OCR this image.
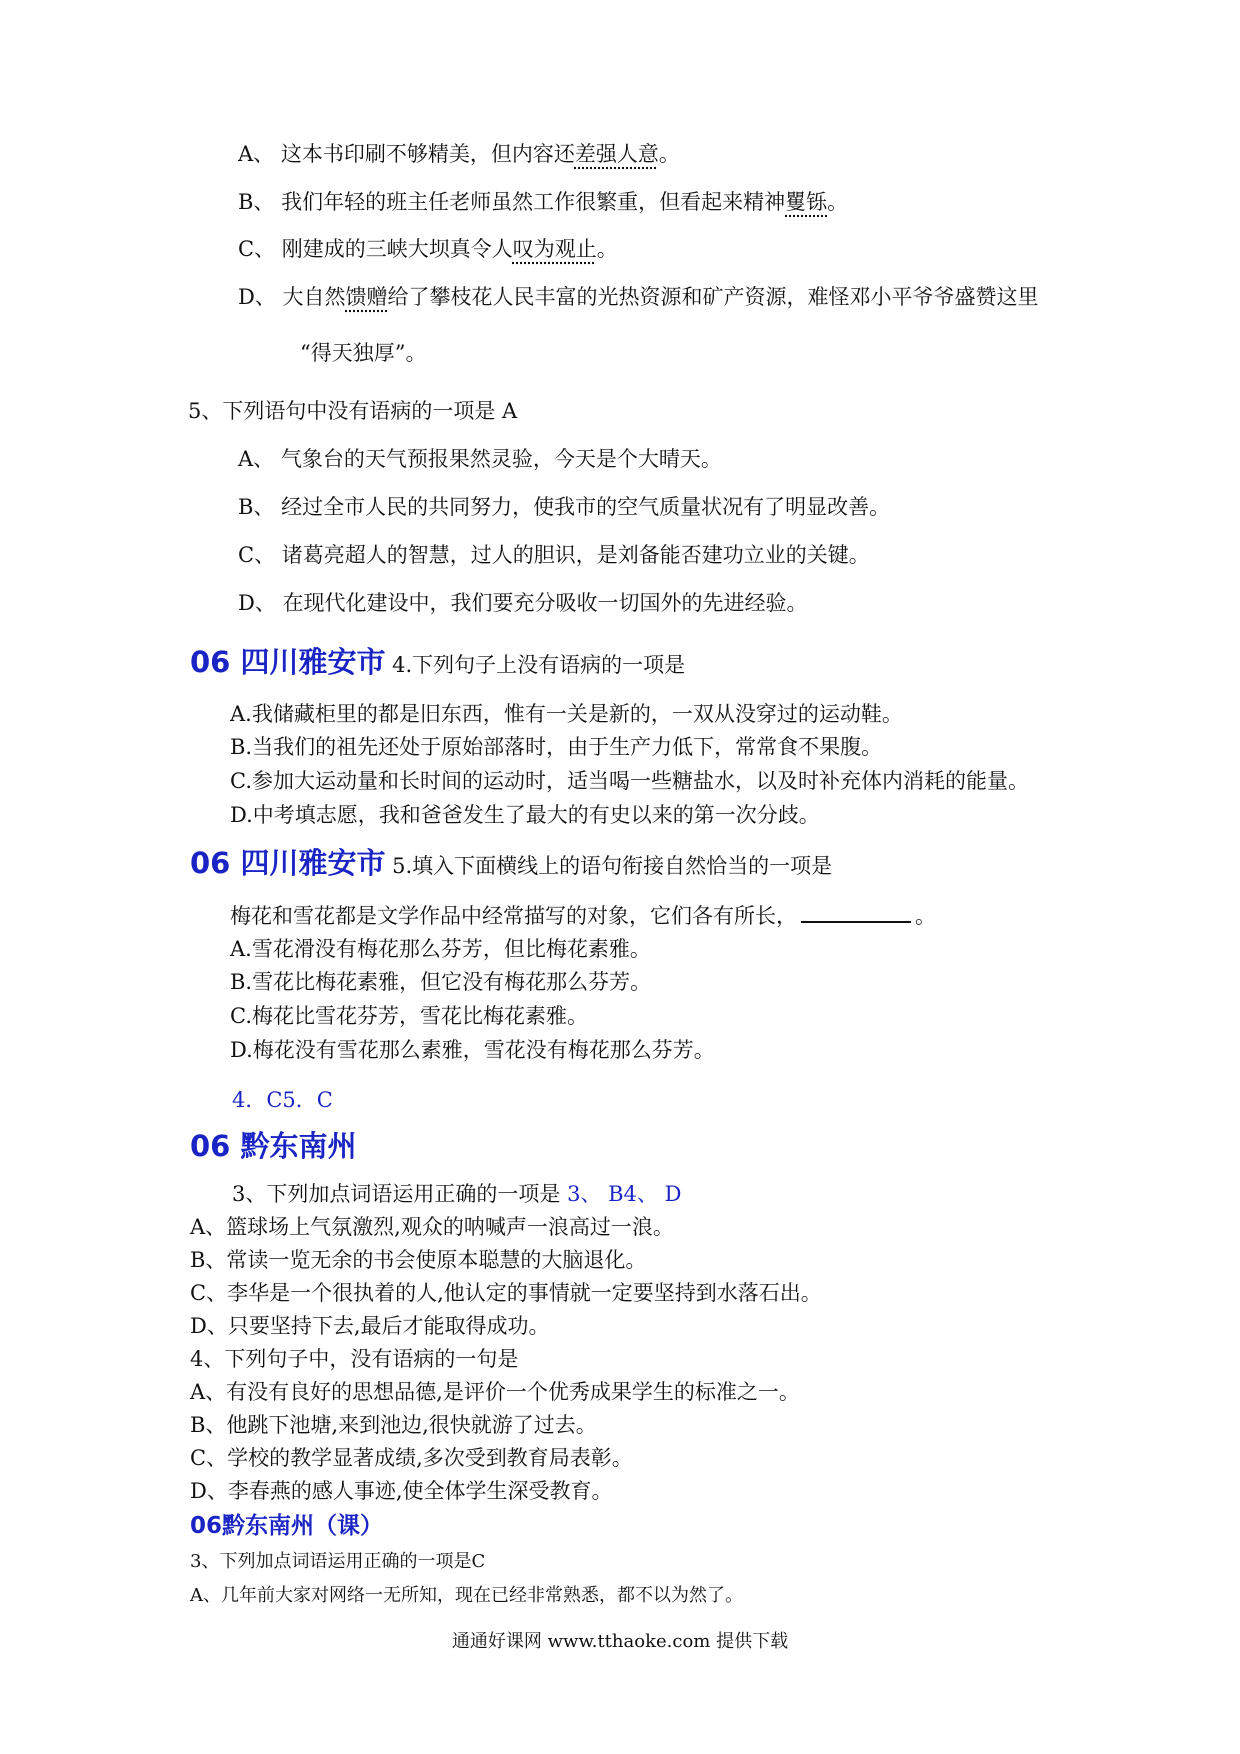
A、 这本书印刷不够精美，但内容还差强人意。
B、 我们年轻的班主任老师虽然工作很繁重，但看起来精神矍铄。
C、 刚建成的三峡大坝真令人叹为观止。
D、 大自然馈赠给了攀枝花人民丰富的光热资源和矿产资源，难怪邓小平爷爷盛赞这里
“得天独厚”。
5、下列语句中没有语病的一项是 A
A、 气象台的天气预报果然灵验，今天是个大晴天。
B、 经过全市人民的共同努力，使我市的空气质量状况有了明显改善。
C、 诸葛亮超人的智慧，过人的胆识，是刘备能否建功立业的关键。
D、 在现代化建设中，我们要充分吸收一切国外的先进经验。
06 四川雅安市 4.下列句子上没有语病的一项是
A.我储藏柜里的都是旧东西，惟有一关是新的，一双从没穿过的运动鞋。
B.当我们的祖先还处于原始部落时，由于生产力低下，常常食不果腹。
C.参加大运动量和长时间的运动时，适当喝一些糖盐水，以及时补充体内消耗的能量。
D.中考填志愿，我和爸爸发生了最大的有史以来的第一次分歧。
06 四川雅安市 5.填入下面横线上的语句衔接自然恰当的一项是
梅花和雪花都是文学作品中经常描写的对象，它们各有所长，	。
A.雪花滑没有梅花那么芬芳，但比梅花素雅。
B.雪花比梅花素雅，但它没有梅花那么芬芳。
C.梅花比雪花芬芳，雪花比梅花素雅。
D.梅花没有雪花那么素雅，雪花没有梅花那么芬芳。
4．C5．C
06 黔东南州
3、下列加点词语运用正确的一项是 3、 B4、 D
A、篮球场上气氛激烈,观众的呐喊声一浪高过一浪。
B、常读一览无余的书会使原本聪慧的大脑退化。
C、李华是一个很执着的人,他认定的事情就一定要坚持到水落石出。
D、只要坚持下去,最后才能取得成功。
4、下列句子中，没有语病的一句是
A、有没有良好的思想品德,是评价一个优秀成果学生的标准之一。
B、他跳下池塘,来到池边,很快就游了过去。
C、学校的教学显著成绩,多次受到教育局表彰。
D、李春燕的感人事迹,使全体学生深受教育。
06黔东南州（课）
3、下列加点词语运用正确的一项是C
A、几年前大家对网络一无所知，现在已经非常熟悉，都不以为然了。
通通好课网 www.tthaoke.com 提供下载
